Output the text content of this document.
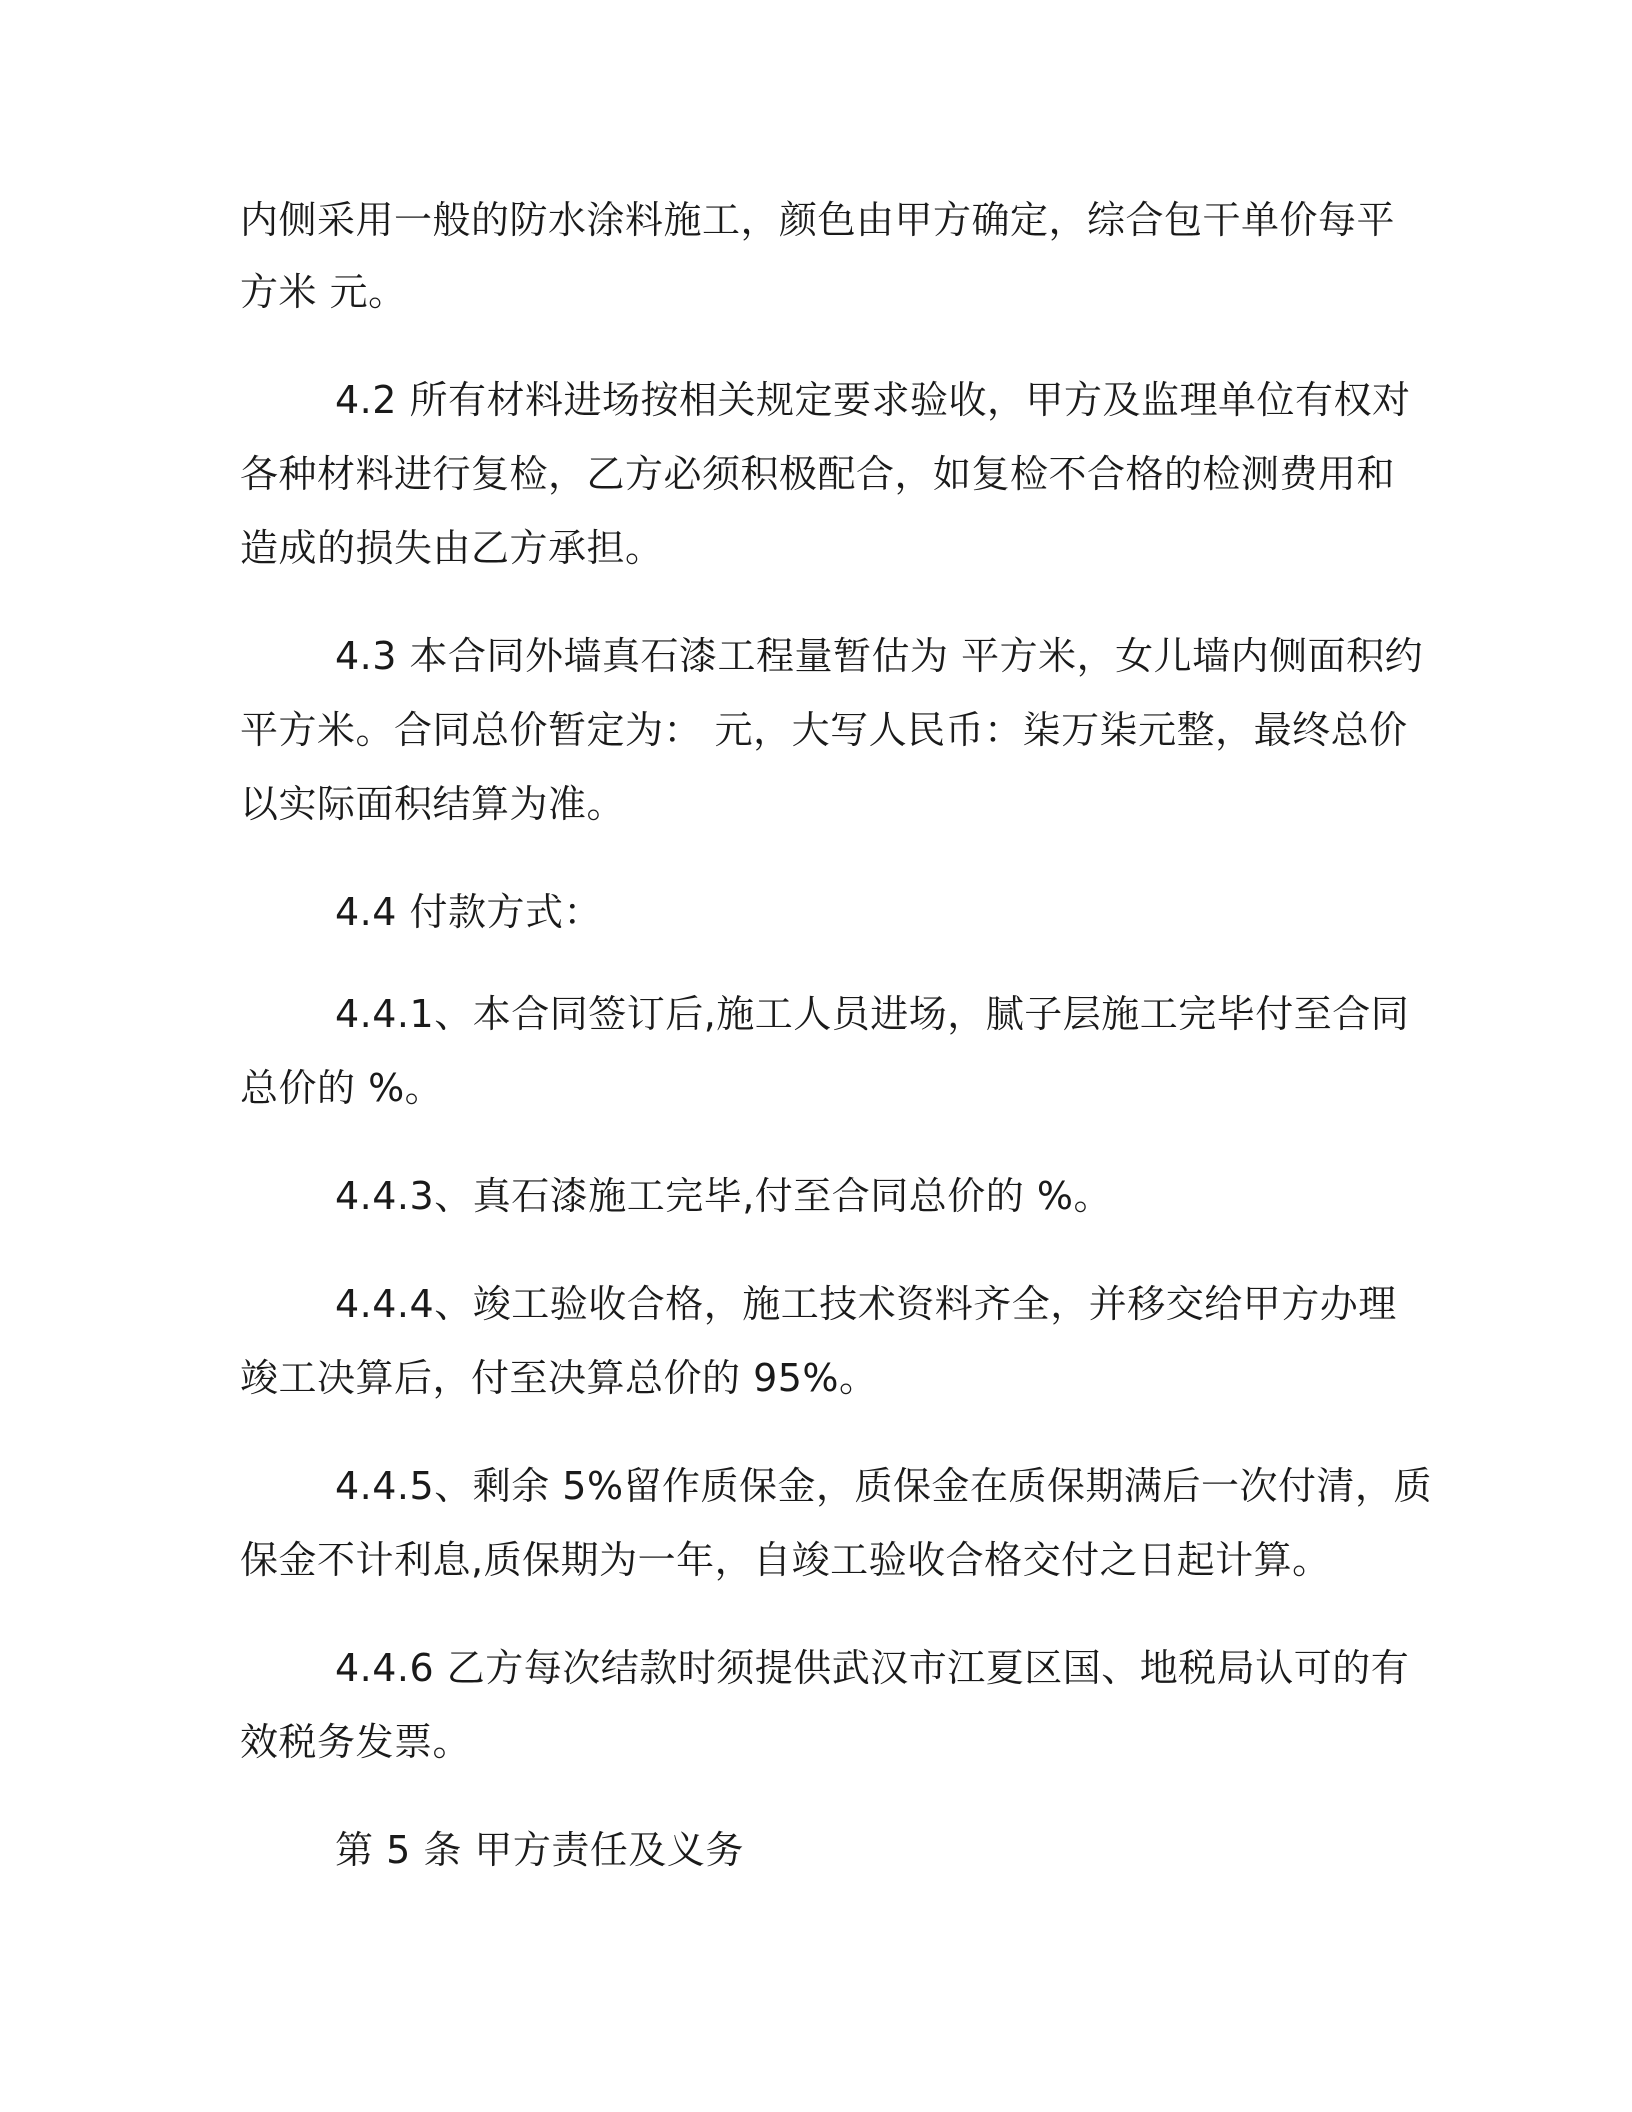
内侧采用一般的防水涂料施工，颜色由甲方确定，综合包干单价每平

方米 元。

4.2 所有材料进场按相关规定要求验收，甲方及监理单位有权对

各种材料进行复检，乙方必须积极配合，如复检不合格的检测费用和

造成的损失由乙方承担。

4.3 本合同外墙真石漆工程量暂估为 平方米，女儿墙内侧面积约

平方米。合同总价暂定为： 元，大写人民币：柒万柒元整，最终总价

以实际面积结算为准。

4.4 付款方式：

4.4.1、本合同签订后,施工人员进场，腻子层施工完毕付至合同

总价的 %。

4.4.3、真石漆施工完毕,付至合同总价的 %。

4.4.4、竣工验收合格，施工技术资料齐全，并移交给甲方办理

竣工决算后，付至决算总价的 95%。

4.4.5、剩余 5%留作质保金，质保金在质保期满后一次付清，质

保金不计利息,质保期为一年，自竣工验收合格交付之日起计算。

4.4.6 乙方每次结款时须提供武汉市江夏区国、地税局认可的有

效税务发票。

第 5 条 甲方责任及义务
